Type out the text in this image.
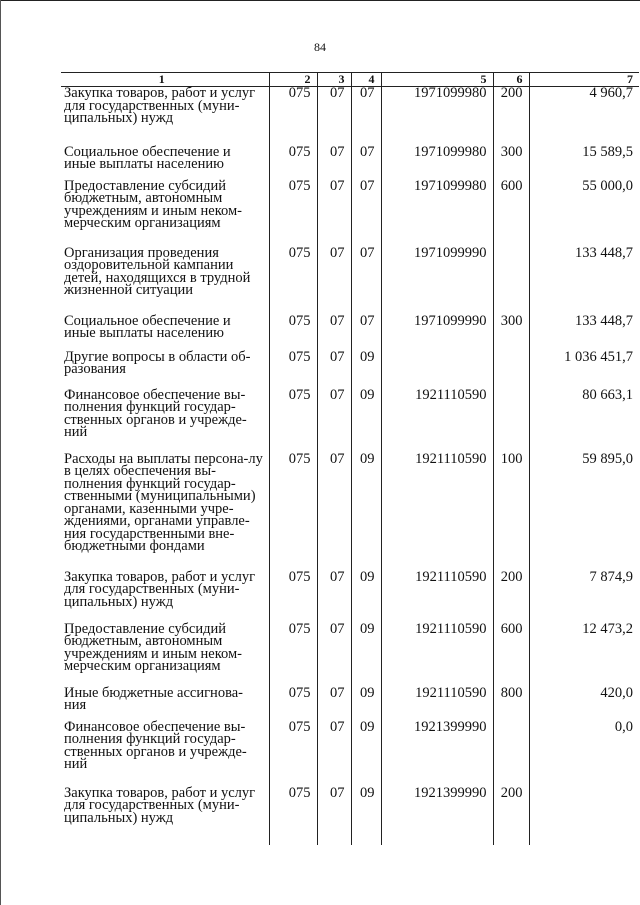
84
1	2	3	4	5	6	7
Закупка товаров, работ и услуг для государственных (муни-ципальных) нужд	075	07	07	1971099980	200	4 960,7
Социальное обеспечение и иные выплаты населению	075	07	07	1971099980	300	15 589,5
Предоставление субсидий бюджетным, автономным учреждениям и иным неком-мерческим организациям	075	07	07	1971099980	600	55 000,0
Организация проведения оздоровительной кампании детей, находящихся в трудной жизненной ситуации	075	07	07	1971099990		133 448,7
Социальное обеспечение и иные выплаты населению	075	07	07	1971099990	300	133 448,7
Другие вопросы в области об-разования	075	07	09			1 036 451,7
Финансовое обеспечение вы-полнения функций государ-ственных органов и учрежде-ний	075	07	09	1921110590		80 663,1
Расходы на выплаты персона-лу в целях обеспечения вы-полнения функций государ-ственными (муниципальными) органами, казенными учре-ждениями, органами управле-ния государственными вне-бюджетными фондами	075	07	09	1921110590	100	59 895,0
Закупка товаров, работ и услуг для государственных (муни-ципальных) нужд	075	07	09	1921110590	200	7 874,9
Предоставление субсидий бюджетным, автономным учреждениям и иным неком-мерческим организациям	075	07	09	1921110590	600	12 473,2
Иные бюджетные ассигнова-ния	075	07	09	1921110590	800	420,0
Финансовое обеспечение вы-полнения функций государ-ственных органов и учрежде-ний	075	07	09	1921399990		0,0
Закупка товаров, работ и услуг для государственных (муни-ципальных) нужд	075	07	09	1921399990	200	
